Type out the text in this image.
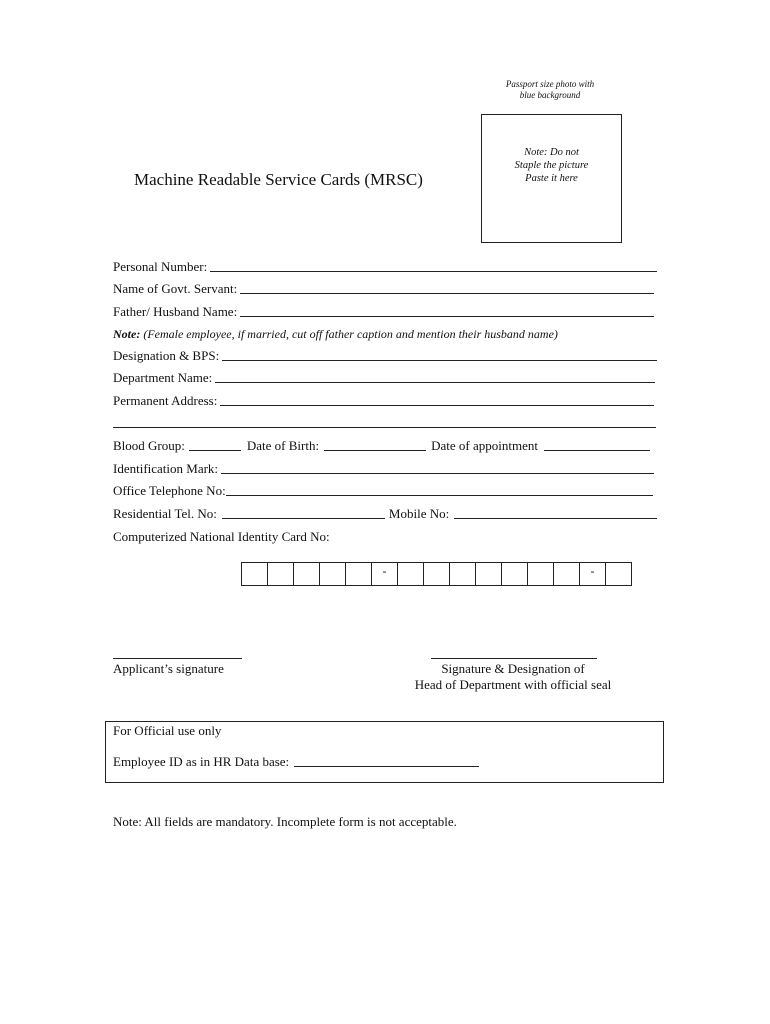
Passport size photo with
blue background
Note: Do not
Staple the picture
Paste it here
Machine Readable Service Cards (MRSC)
Personal Number:
Name of Govt. Servant:
Father/ Husband Name:
Note: (Female employee, if married, cut off father caption and mention their husband name)
Designation & BPS:
Department Name:
Permanent Address:
Blood Group:	Date of Birth:	Date of appointment
Identification Mark:
Office Telephone No:
Residential Tel. No:	Mobile No:
Computerized National Identity Card No:
-	-
Applicant’s signature	Signature & Designation of
Head of Department with official seal
For Official use only
Employee ID as in HR Data base:
Note: All fields are mandatory. Incomplete form is not acceptable.
